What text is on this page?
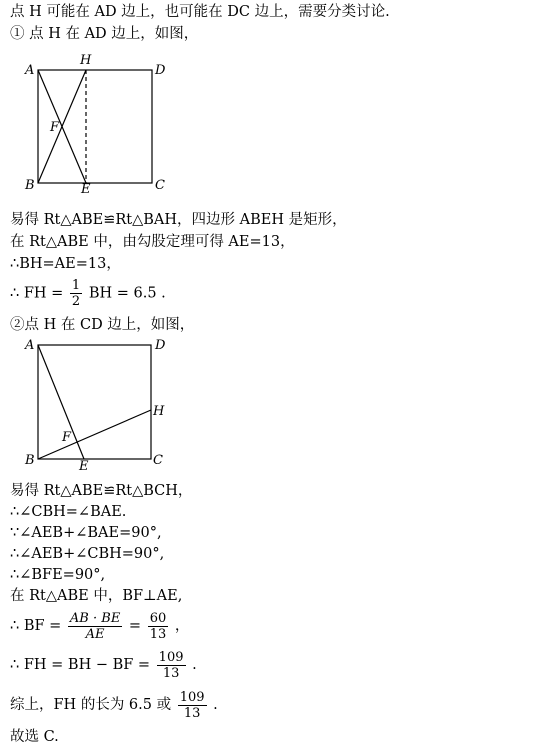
点 H 可能在 AD 边上，也可能在 DC 边上，需要分类讨论.
① 点 H 在 AD 边上，如图，
A
H
D
F
B	E	C
A	D
H
F
B	E	C
易得 Rt△ABE≌Rt△BAH，四边形 ABEH 是矩形，
在 Rt△ABE 中，由勾股定理可得 AE=13，
∴BH=AE=13，
∴ FH = $\frac{1}{2}$ BH = 6.5 .
②点 H 在 CD 边上，如图，
易得 Rt△ABE≌Rt△BCH，
∴∠CBH=∠BAE.
∵∠AEB+∠BAE=90°,
∴∠AEB+∠CBH=90°,
∴∠BFE=90°,
在 Rt△ABE 中，BF⊥AE,
∴ BF = $\frac{AB \cdot BE}{AE} = \frac{60}{13}$ ，
∴ FH = BH − BF = $\frac{109}{13}$ .
综上，FH 的长为 6.5 或 $\frac{109}{13}$ .
故选 C.
